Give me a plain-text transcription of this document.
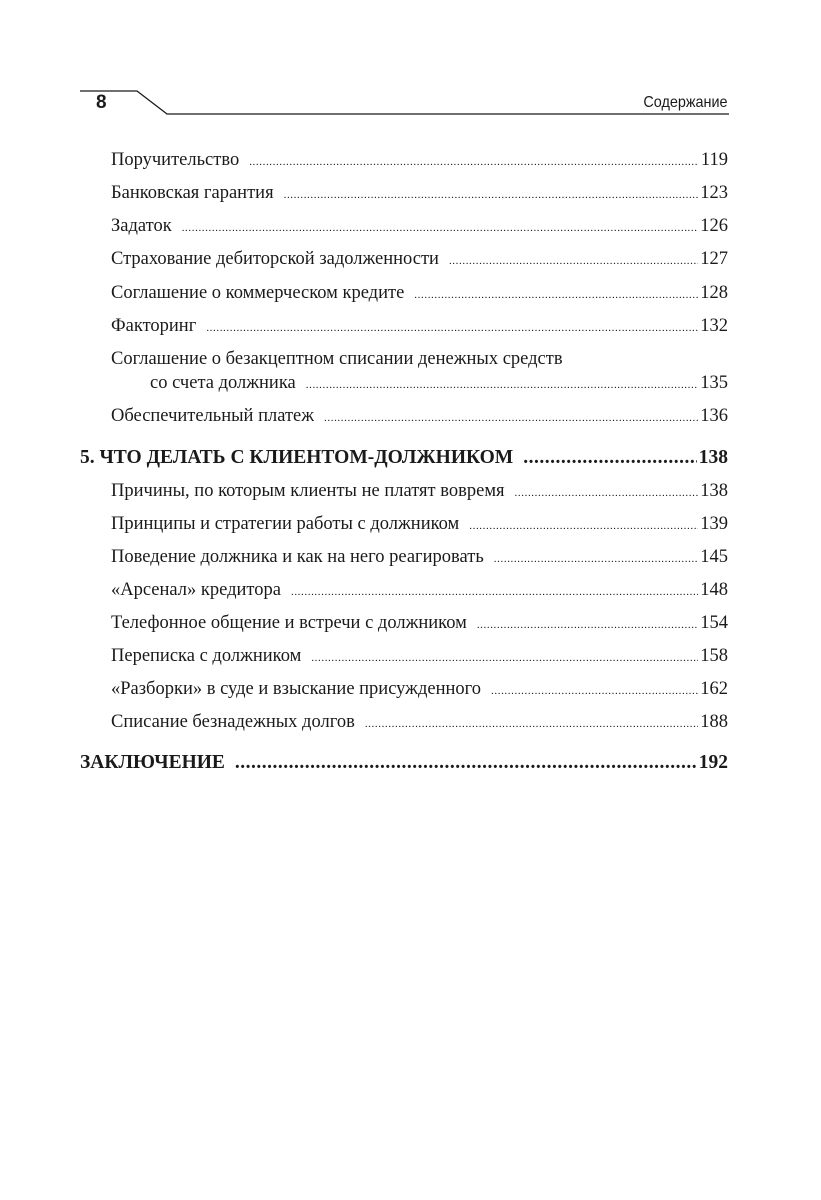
8	Содержание
Поручительство .....	119
Банковская гарантия .....	123
Задаток .....	126
Страхование дебиторской задолженности .....	127
Соглашение о коммерческом кредите .....	128
Факторинг .....	132
Соглашение о безакцептном списании денежных средств
со счета должника .....	135
Обеспечительный платеж .....	136
5. ЧТО ДЕЛАТЬ С КЛИЕНТОМ-ДОЛЖНИКОМ .....	138
Причины, по которым клиенты не платят вовремя .....	138
Принципы и стратегии работы с должником .....	139
Поведение должника и как на него реагировать .....	145
«Арсенал» кредитора .....	148
Телефонное общение и встречи с должником .....	154
Переписка с должником .....	158
«Разборки» в суде и взыскание присужденного .....	162
Списание безнадежных долгов .....	188
ЗАКЛЮЧЕНИЕ .....	192
